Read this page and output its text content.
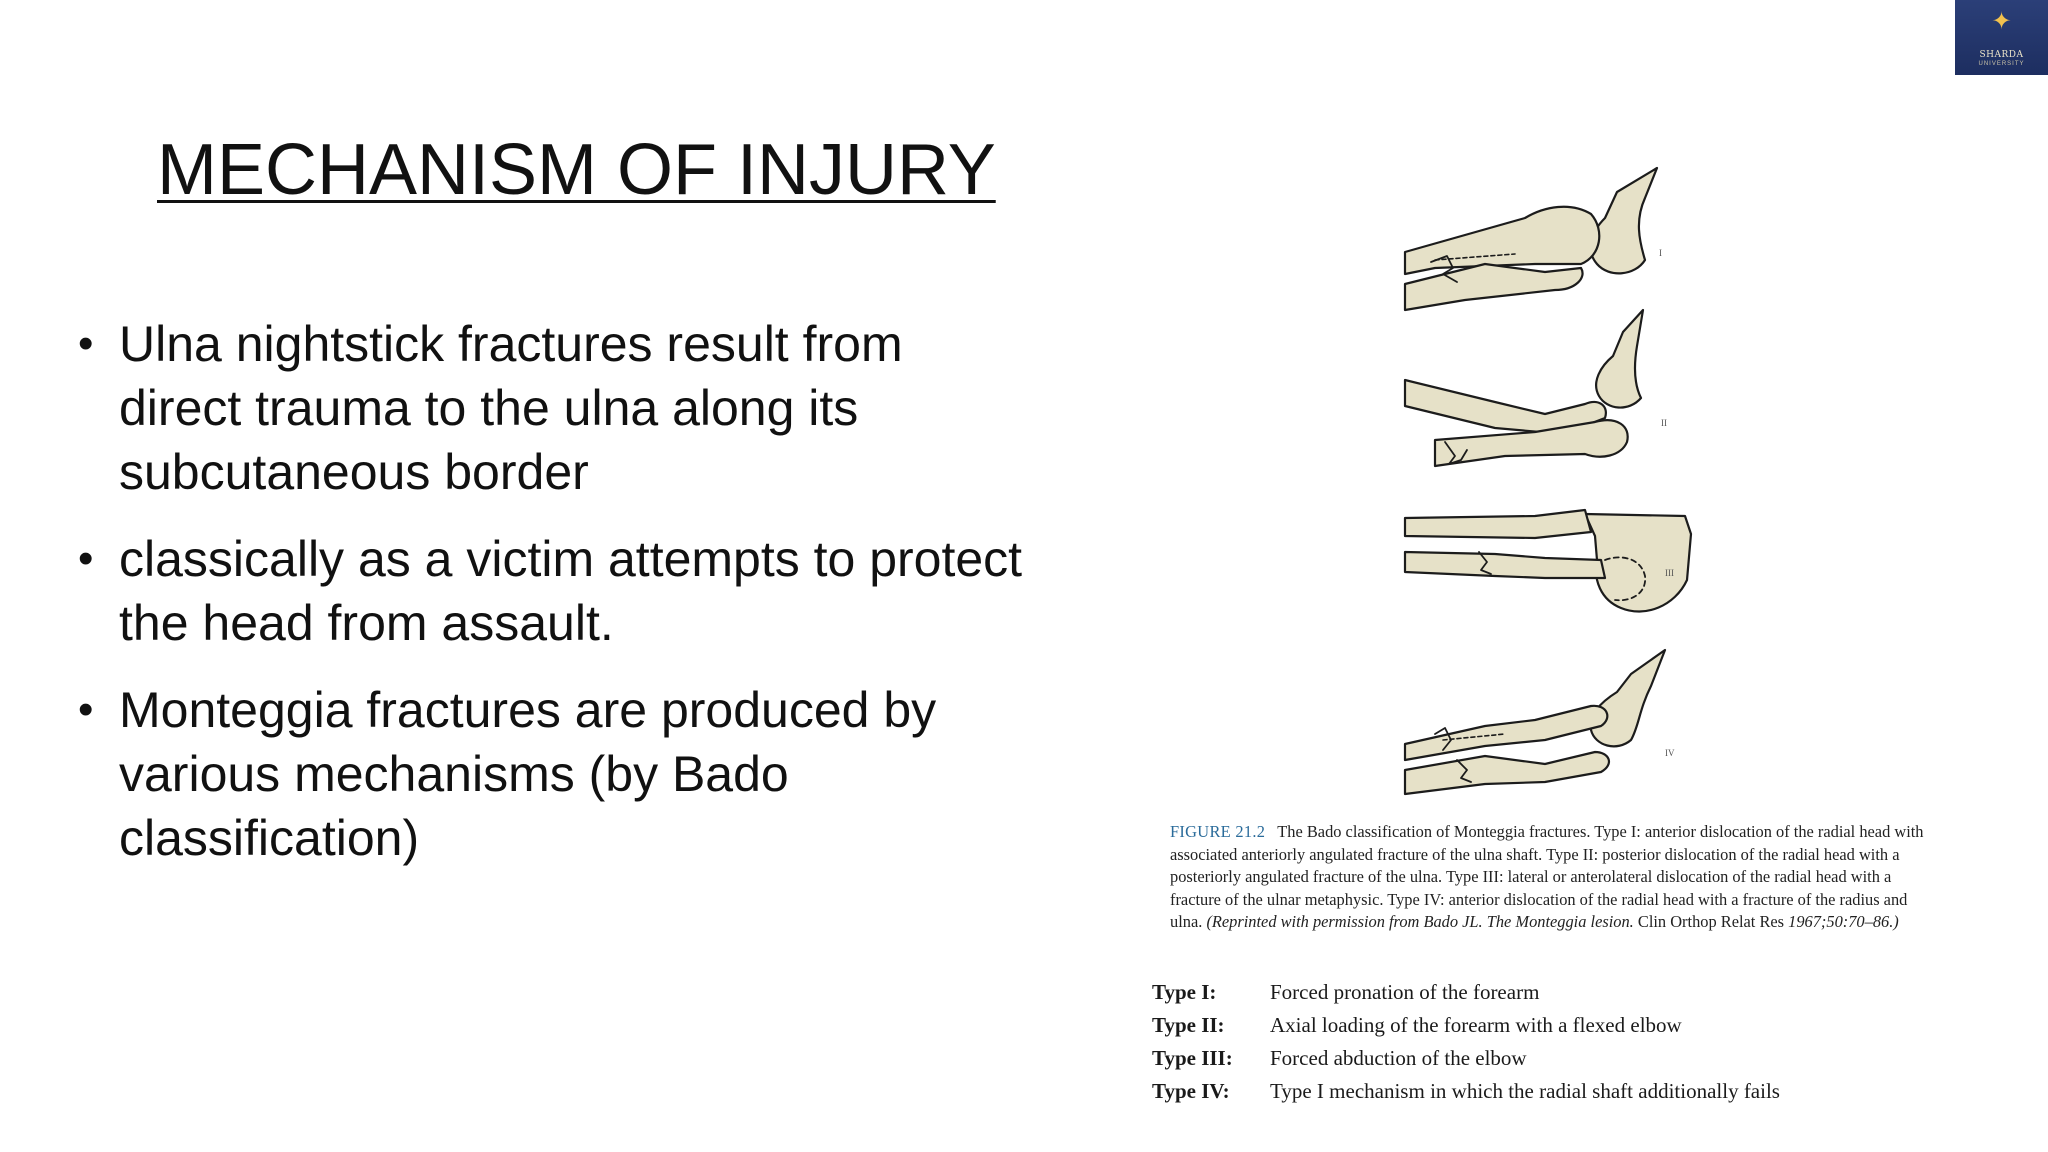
✦
SHARDA
UNIVERSITY
MECHANISM OF INJURY
• Ulna nightstick fractures result from direct trauma to the ulna along its subcutaneous border
• classically as a victim attempts to protect the head from assault.
• Monteggia fractures are produced by various mechanisms (by Bado classification)
I
II
III
IV
FIGURE 21.2 The Bado classification of Monteggia fractures. Type I: anterior dislocation of the radial head with associated anteriorly angulated fracture of the ulna shaft. Type II: posterior dislocation of the radial head with a posteriorly angulated fracture of the ulna. Type III: lateral or anterolateral dislocation of the radial head with a fracture of the ulnar metaphysic. Type IV: anterior dislocation of the radial head with a fracture of the radius and ulna. (Reprinted with permission from Bado JL. The Monteggia lesion. Clin Orthop Relat Res 1967;50:70–86.)
Type I:	Forced pronation of the forearm
Type II:	Axial loading of the forearm with a flexed elbow
Type III:	Forced abduction of the elbow
Type IV:	Type I mechanism in which the radial shaft additionally fails
